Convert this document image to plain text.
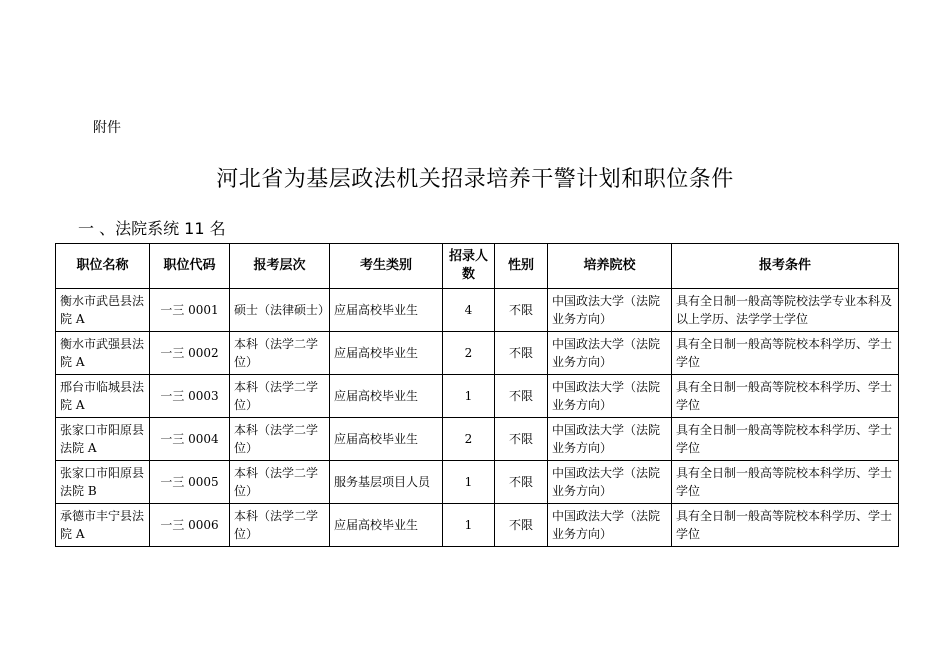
附件
河北省为基层政法机关招录培养干警计划和职位条件
一 、法院系统 11 名
职位名称	职位代码	报考层次	考生类别	招录人数	性别	培养院校	报考条件
衡水市武邑县法院 A	一三 0001	硕士（法律硕士）	应届高校毕业生	4	不限	中国政法大学（法院业务方向）	具有全日制一般高等院校法学专业本科及以上学历、法学学士学位
衡水市武强县法院 A	一三 0002	本科（法学二学位）	应届高校毕业生	2	不限	中国政法大学（法院业务方向）	具有全日制一般高等院校本科学历、学士学位
邢台市临城县法院 A	一三 0003	本科（法学二学位）	应届高校毕业生	1	不限	中国政法大学（法院业务方向）	具有全日制一般高等院校本科学历、学士学位
张家口市阳原县法院 A	一三 0004	本科（法学二学位）	应届高校毕业生	2	不限	中国政法大学（法院业务方向）	具有全日制一般高等院校本科学历、学士学位
张家口市阳原县法院 B	一三 0005	本科（法学二学位）	服务基层项目人员	1	不限	中国政法大学（法院业务方向）	具有全日制一般高等院校本科学历、学士学位
承德市丰宁县法院 A	一三 0006	本科（法学二学位）	应届高校毕业生	1	不限	中国政法大学（法院业务方向）	具有全日制一般高等院校本科学历、学士学位
